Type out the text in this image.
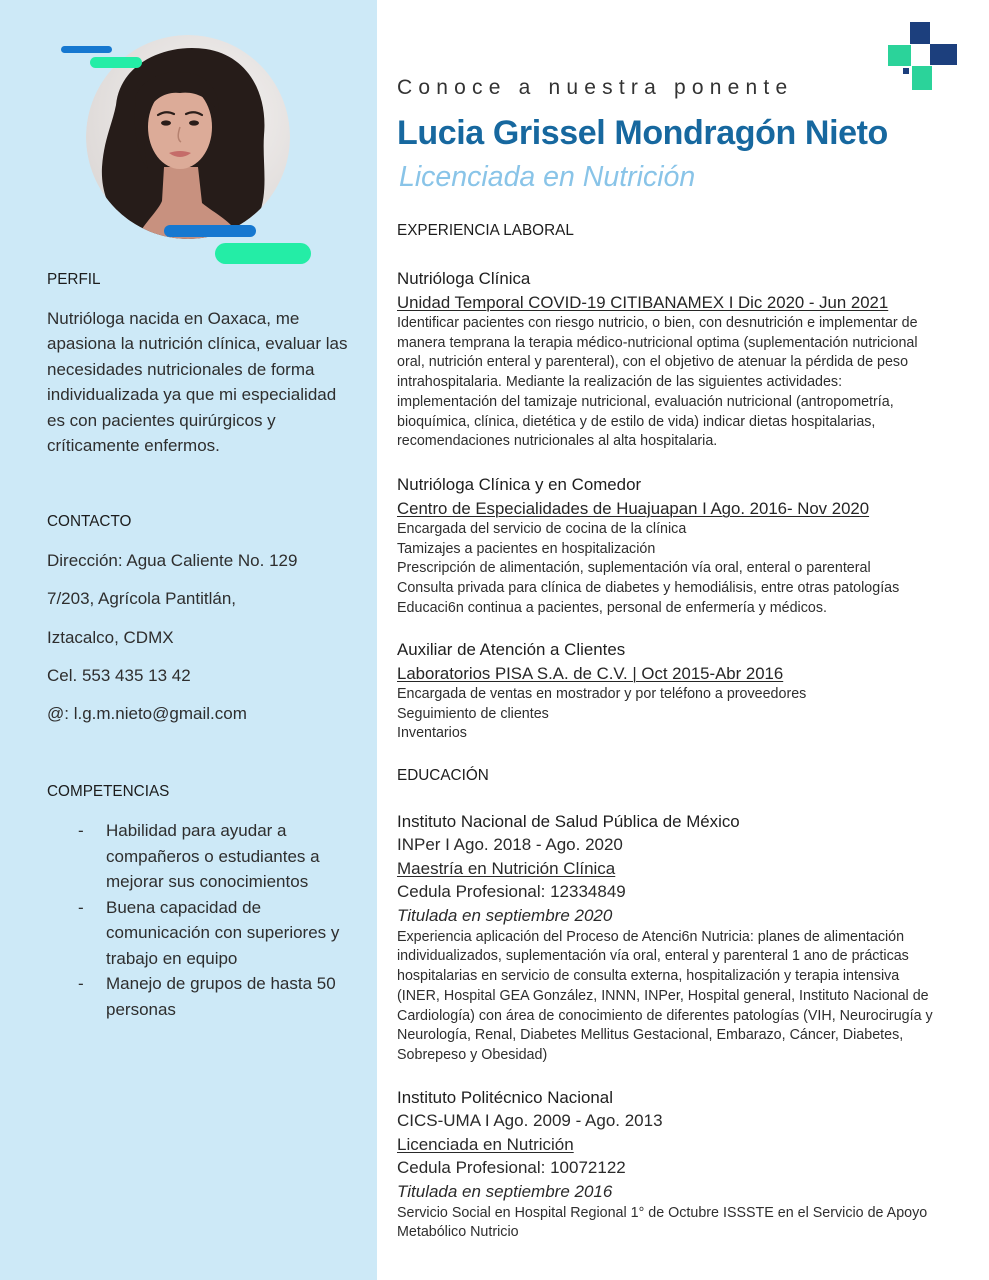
PERFIL
Nutrióloga nacida en Oaxaca, me
apasiona la nutrición clínica, evaluar las
necesidades nutricionales de forma
individualizada ya que mi especialidad
es con pacientes quirúrgicos y
críticamente enfermos.
CONTACTO
Dirección: Agua Caliente No. 129
7/203, Agrícola Pantitlán,
Iztacalco, CDMX
Cel. 553 435 13 42
@: l.g.m.nieto@gmail.com
COMPETENCIAS
-	Habilidad para ayudar a
compañeros o estudiantes a
mejorar sus conocimientos
-	Buena capacidad de
comunicación con superiores y
trabajo en equipo
-	Manejo de grupos de hasta 50
personas
Conoce a nuestra ponente
Lucia Grissel Mondragón Nieto
Licenciada en Nutrición
EXPERIENCIA LABORAL
Nutrióloga Clínica
Unidad Temporal COVID-19 CITIBANAMEX I Dic 2020 - Jun 2021
Identificar pacientes con riesgo nutricio, o bien, con desnutrición e implementar de
manera temprana la terapia médico-nutricional optima (suplementación nutricional
oral, nutrición enteral y parenteral), con el objetivo de atenuar la pérdida de peso
intrahospitalaria. Mediante la realización de las siguientes actividades:
implementación del tamizaje nutricional, evaluación nutricional (antropometría,
bioquímica, clínica, dietética y de estilo de vida) indicar dietas hospitalarias,
recomendaciones nutricionales al alta hospitalaria.
Nutrióloga Clínica y en Comedor
Centro de Especialidades de Huajuapan I Ago. 2016- Nov 2020
Encargada del servicio de cocina de la clínica
Tamizajes a pacientes en hospitalización
Prescripción de alimentación, suplementación vía oral, enteral o parenteral
Consulta privada para clínica de diabetes y hemodiálisis, entre otras patologías
Educaci6n continua a pacientes, personal de enfermería y médicos.
Auxiliar de Atención a Clientes
Laboratorios PISA S.A. de C.V. | Oct 2015-Abr 2016
Encargada de ventas en mostrador y por teléfono a proveedores
Seguimiento de clientes
Inventarios
EDUCACIÓN
Instituto Nacional de Salud Pública de México
INPer I Ago. 2018 - Ago. 2020
Maestría en Nutrición Clínica
Cedula Profesional: 12334849
Titulada en septiembre 2020
Experiencia aplicación del Proceso de Atenci6n Nutricia: planes de alimentación
individualizados, suplementación vía oral, enteral y parenteral 1 ano de prácticas
hospitalarias en servicio de consulta externa, hospitalización y terapia intensiva
(INER, Hospital GEA González, INNN, INPer, Hospital general, Instituto Nacional de
Cardiología) con área de conocimiento de diferentes patologías (VIH, Neurocirugía y
Neurología, Renal, Diabetes Mellitus Gestacional, Embarazo, Cáncer, Diabetes,
Sobrepeso y Obesidad)
Instituto Politécnico Nacional
CICS-UMA I Ago. 2009 - Ago. 2013
Licenciada en Nutrición
Cedula Profesional: 10072122
Titulada en septiembre 2016
Servicio Social en Hospital Regional 1° de Octubre ISSSTE en el Servicio de Apoyo
Metabólico Nutricio
